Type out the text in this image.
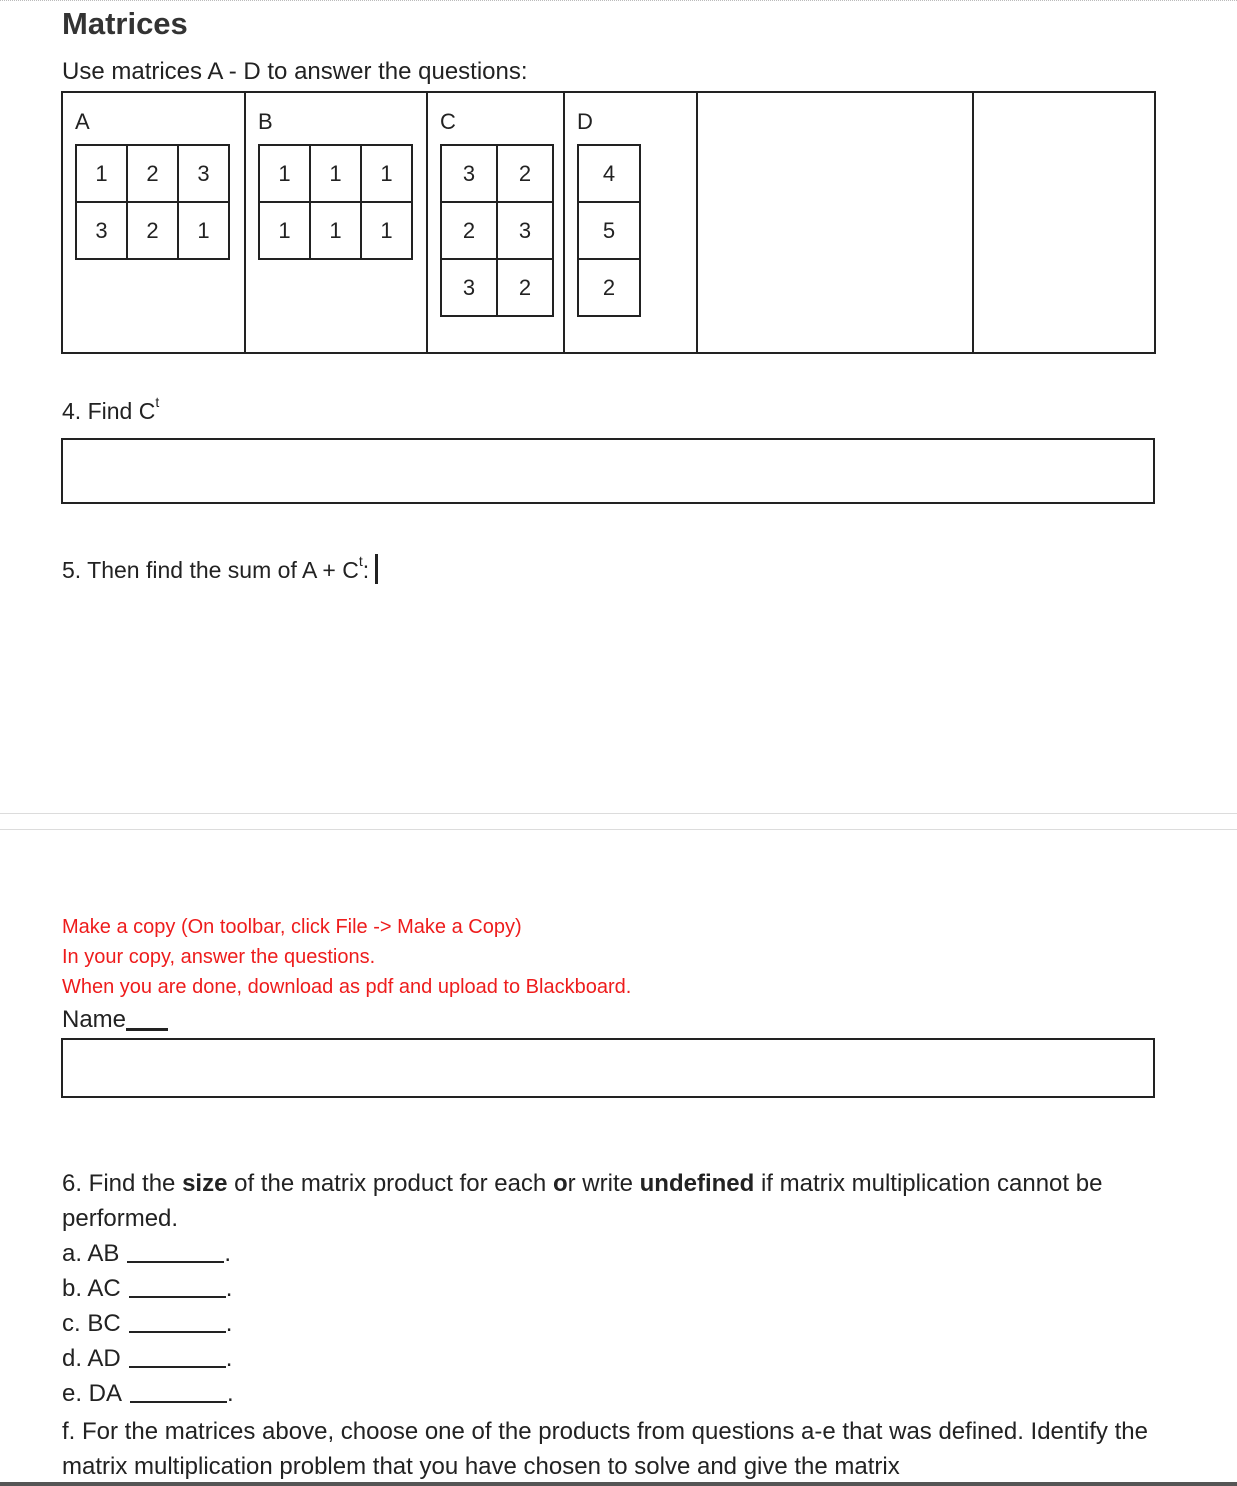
Matrices
Use matrices A - D to answer the questions:
A
1	2	3
3	2	1

B
1	1	1
1	1	1

C
3	2
2	3
3	2

D
4
5
2

4. Find $C^t$
5. Then find the sum of $A + C^t$:
Make a copy (On toolbar, click File -> Make a Copy)
In your copy, answer the questions.
When you are done, download as pdf and upload to Blackboard.
Name
6. Find the size of the matrix product for each or write undefined if matrix multiplication cannot be performed.
a. AB	.
b. AC	.
c. BC	.
d. AD	.
e. DA	.
f. For the matrices above, choose one of the products from questions a-e that was defined. Identify the matrix multiplication problem that you have chosen to solve and give the matrix
